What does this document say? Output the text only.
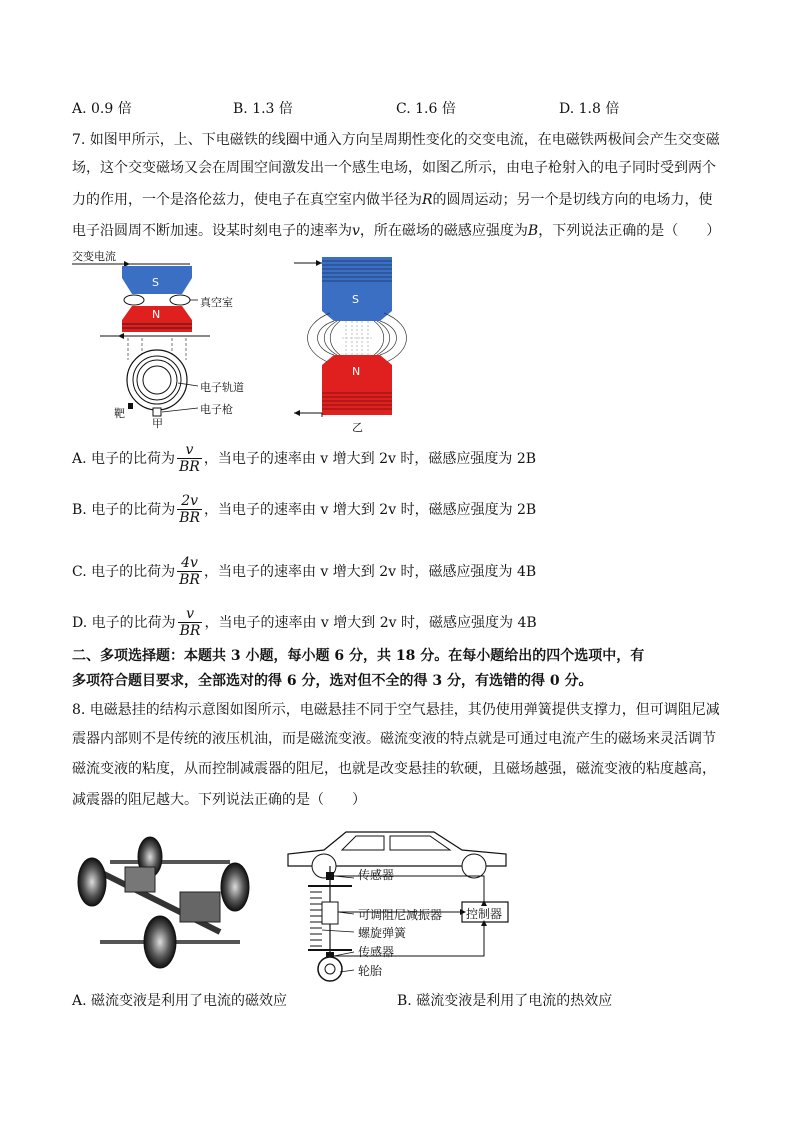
A. 0.9 倍	B. 1.3 倍	C. 1.6 倍	D. 1.8 倍
7. 如图甲所示，上、下电磁铁的线圈中通入方向呈周期性变化的交变电流，在电磁铁两极间会产生交变磁
场，这个交变磁场又会在周围空间激发出一个感生电场，如图乙所示，由电子枪射入的电子同时受到两个
力的作用，一个是洛伦兹力，使电子在真空室内做半径为R的圆周运动；另一个是切线方向的电场力，使
电子沿圆周不断加速。设某时刻电子的速率为v，所在磁场的磁感应强度为B，下列说法正确的是（　　）
交变电流
S
N
真空室
电子轨道
靶	电子枪
甲
S
N
乙
A. 电子的比荷为 $\frac{v}{BR}$ ，当电子的速率由 v 增大到 2v 时，磁感应强度为 2B
B. 电子的比荷为 $\frac{2v}{BR}$ ，当电子的速率由 v 增大到 2v 时，磁感应强度为 2B
C. 电子的比荷为 $\frac{4v}{BR}$ ，当电子的速率由 v 增大到 2v 时，磁感应强度为 4B
D. 电子的比荷为 $\frac{v}{BR}$ ，当电子的速率由 v 增大到 2v 时，磁感应强度为 4B
二、多项选择题：本题共 3 小题，每小题 6 分，共 18 分。在每小题给出的四个选项中，有
多项符合题目要求，全部选对的得 6 分，选对但不全的得 3 分，有选错的得 0 分。
8. 电磁悬挂的结构示意图如图所示，电磁悬挂不同于空气悬挂，其仍使用弹簧提供支撑力，但可调阻尼减
震器内部则不是传统的液压机油，而是磁流变液。磁流变液的特点就是可通过电流产生的磁场来灵活调节
磁流变液的粘度，从而控制减震器的阻尼，也就是改变悬挂的软硬，且磁场越强，磁流变液的粘度越高，
减震器的阻尼越大。下列说法正确的是（　　）
传感器
可调阻尼减振器
螺旋弹簧
传感器
轮胎
控制器
A. 磁流变液是利用了电流的磁效应	B. 磁流变液是利用了电流的热效应
